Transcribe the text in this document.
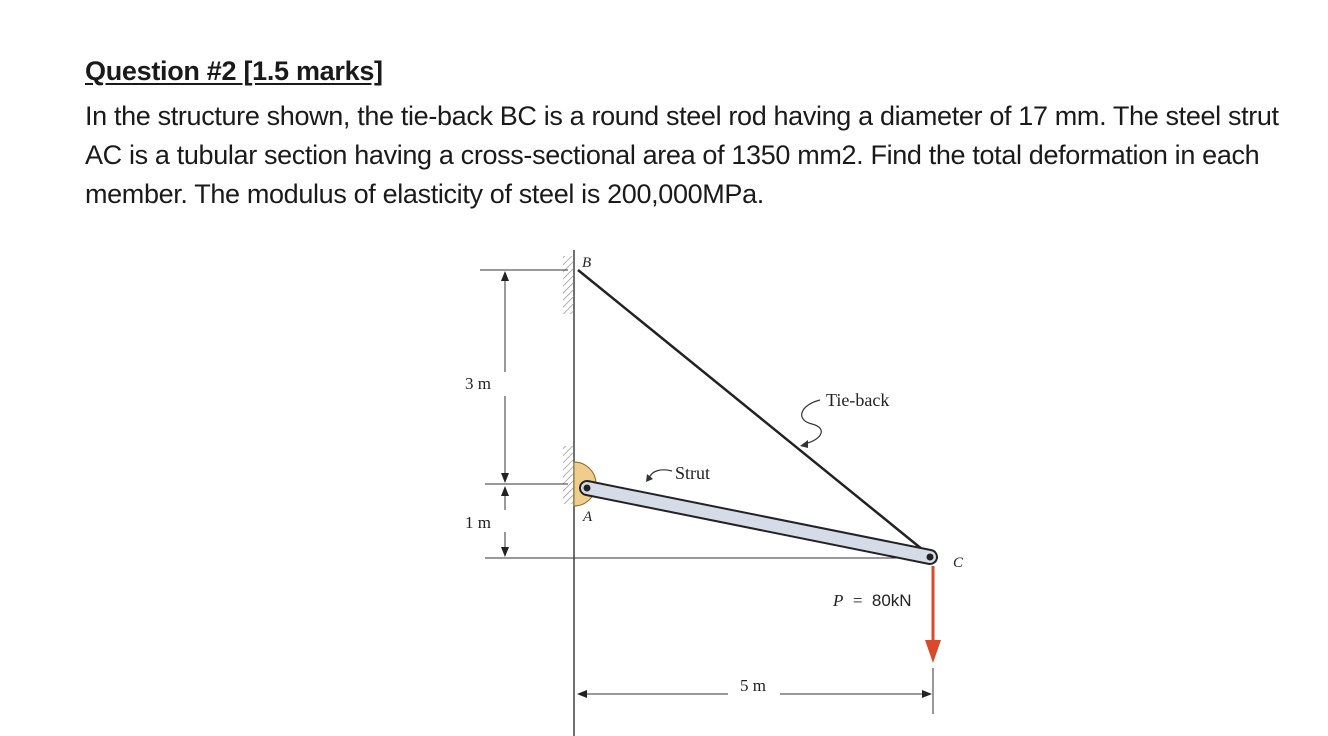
Question #2 [1.5 marks]
In the structure shown, the tie-back BC is a round steel rod having a diameter of 17 mm. The steel strut AC is a tubular section having a cross-sectional area of 1350 mm2. Find the total deformation in each member. The modulus of elasticity of steel is 200,000MPa.
B
A
C
Tie-back
Strut
P = 80kN
3 m
1 m
5 m
